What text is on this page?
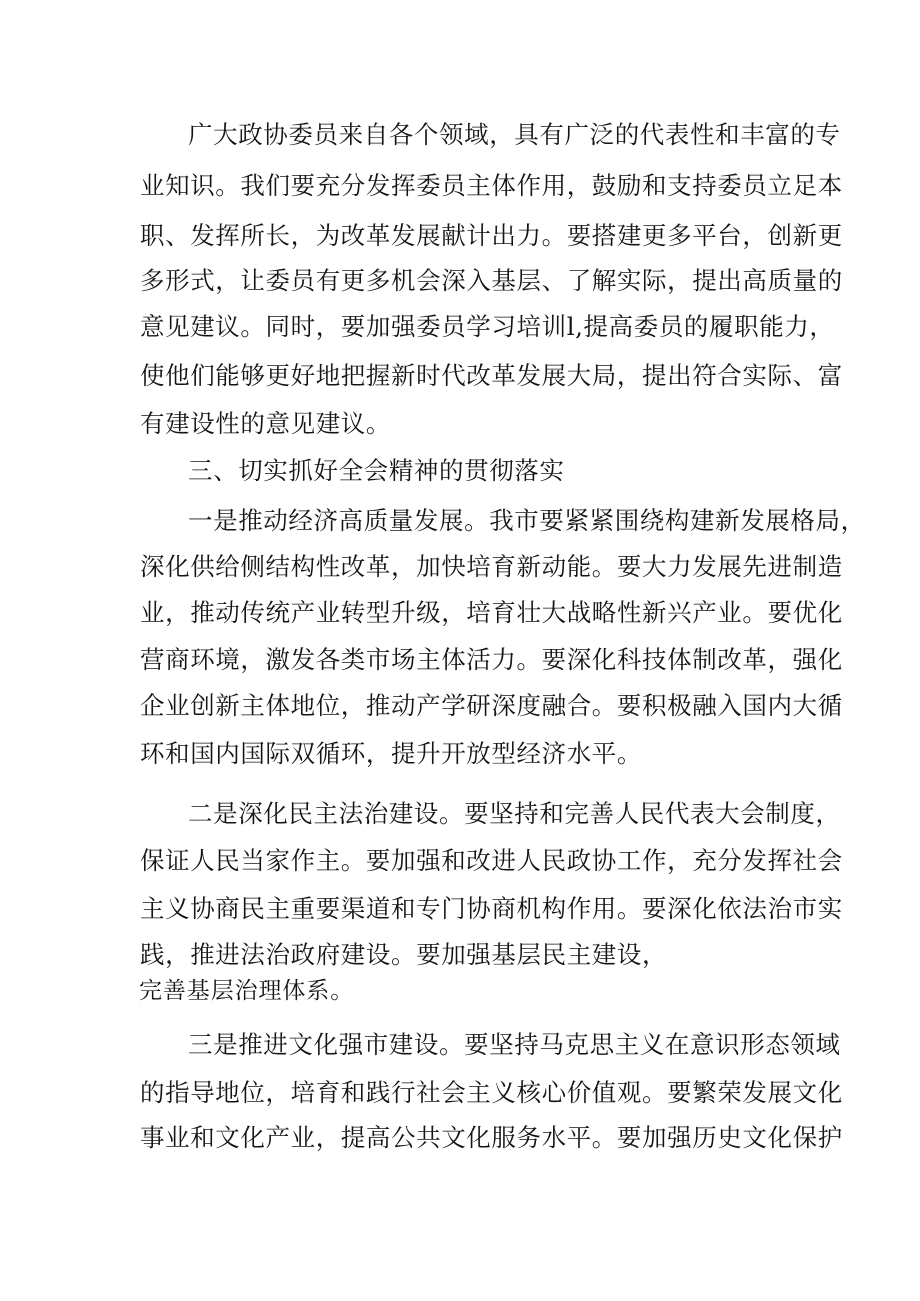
广大政协委员来自各个领域，具有广泛的代表性和丰富的专
业知识。我们要充分发挥委员主体作用，鼓励和支持委员立足本
职、发挥所长，为改革发展献计出力。要搭建更多平台，创新更
多形式，让委员有更多机会深入基层、了解实际，提出高质量的
意见建议。同时，要加强委员学习培训l,提高委员的履职能力，
使他们能够更好地把握新时代改革发展大局，提出符合实际、富
有建设性的意见建议。
三、切实抓好全会精神的贯彻落实
一是推动经济高质量发展。我市要紧紧围绕构建新发展格局，
深化供给侧结构性改革，加快培育新动能。要大力发展先进制造
业，推动传统产业转型升级，培育壮大战略性新兴产业。要优化
营商环境，激发各类市场主体活力。要深化科技体制改革，强化
企业创新主体地位，推动产学研深度融合。要积极融入国内大循
环和国内国际双循环，提升开放型经济水平。
二是深化民主法治建设。要坚持和完善人民代表大会制度，
保证人民当家作主。要加强和改进人民政协工作，充分发挥社会
主义协商民主重要渠道和专门协商机构作用。要深化依法治市实
践，推进法治政府建设。要加强基层民主建设，
完善基层治理体系。
三是推进文化强市建设。要坚持马克思主义在意识形态领域
的指导地位，培育和践行社会主义核心价值观。要繁荣发展文化
事业和文化产业，提高公共文化服务水平。要加强历史文化保护
